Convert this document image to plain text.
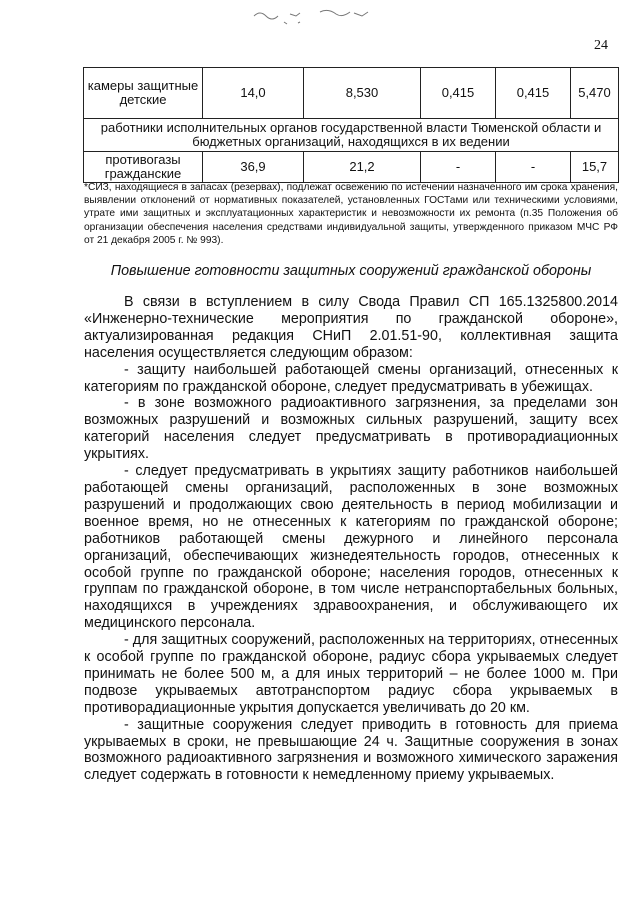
24
камеры защитные детские	14,0	8,530	0,415	0,415	5,470

работники исполнительных органов государственной власти Тюменской области и
бюджетных организаций, находящихся в их ведении					

противогазы гражданские	36,9	21,2	-	-	15,7
*СИЗ, находящиеся в запасах (резервах), подлежат освежению по истечении назначенного им срока хранения, выявлении отклонений от нормативных показателей, установленных ГОСТами или техническими условиями, утрате ими защитных и эксплуатационных характеристик и невозможности их ремонта (п.35 Положения об организации обеспечения населения средствами индивидуальной защиты, утвержденного приказом МЧС РФ от 21 декабря 2005 г. № 993).
Повышение готовности защитных сооружений гражданской обороны

В связи в вступлением в силу Свода Правил СП 165.1325800.2014 «Инженерно-технические мероприятия по гражданской обороне», актуализированная редакция СНиП 2.01.51-90, коллективная защита населения осуществляется следующим образом:

- защиту наибольшей работающей смены организаций, отнесенных к категориям по гражданской обороне, следует предусматривать в убежищах.

- в зоне возможного радиоактивного загрязнения, за пределами зон возможных разрушений и возможных сильных разрушений, защиту всех категорий населения следует предусматривать в противорадиационных укрытиях.

- следует предусматривать в укрытиях защиту работников наибольшей работающей смены организаций, расположенных в зоне возможных разрушений и продолжающих свою деятельность в период мобилизации и военное время, но не отнесенных к категориям по гражданской обороне; работников работающей смены дежурного и линейного персонала организаций, обеспечивающих жизнедеятельность городов, отнесенных к особой группе по гражданской обороне; населения городов, отнесенных к группам по гражданской обороне, в том числе нетранспортабельных больных, находящихся в учреждениях здравоохранения, и обслуживающего их медицинского персонала.

- для защитных сооружений, расположенных на территориях, отнесенных к особой группе по гражданской обороне, радиус сбора укрываемых следует принимать не более 500 м, а для иных территорий – не более 1000 м. При подвозе укрываемых автотранспортом радиус сбора укрываемых в противорадиационные укрытия допускается увеличивать до 20 км.

- защитные сооружения следует приводить в готовность для приема укрываемых в сроки, не превышающие 24 ч. Защитные сооружения в зонах возможного радиоактивного загрязнения и возможного химического заражения следует содержать в готовности к немедленному приему укрываемых.
